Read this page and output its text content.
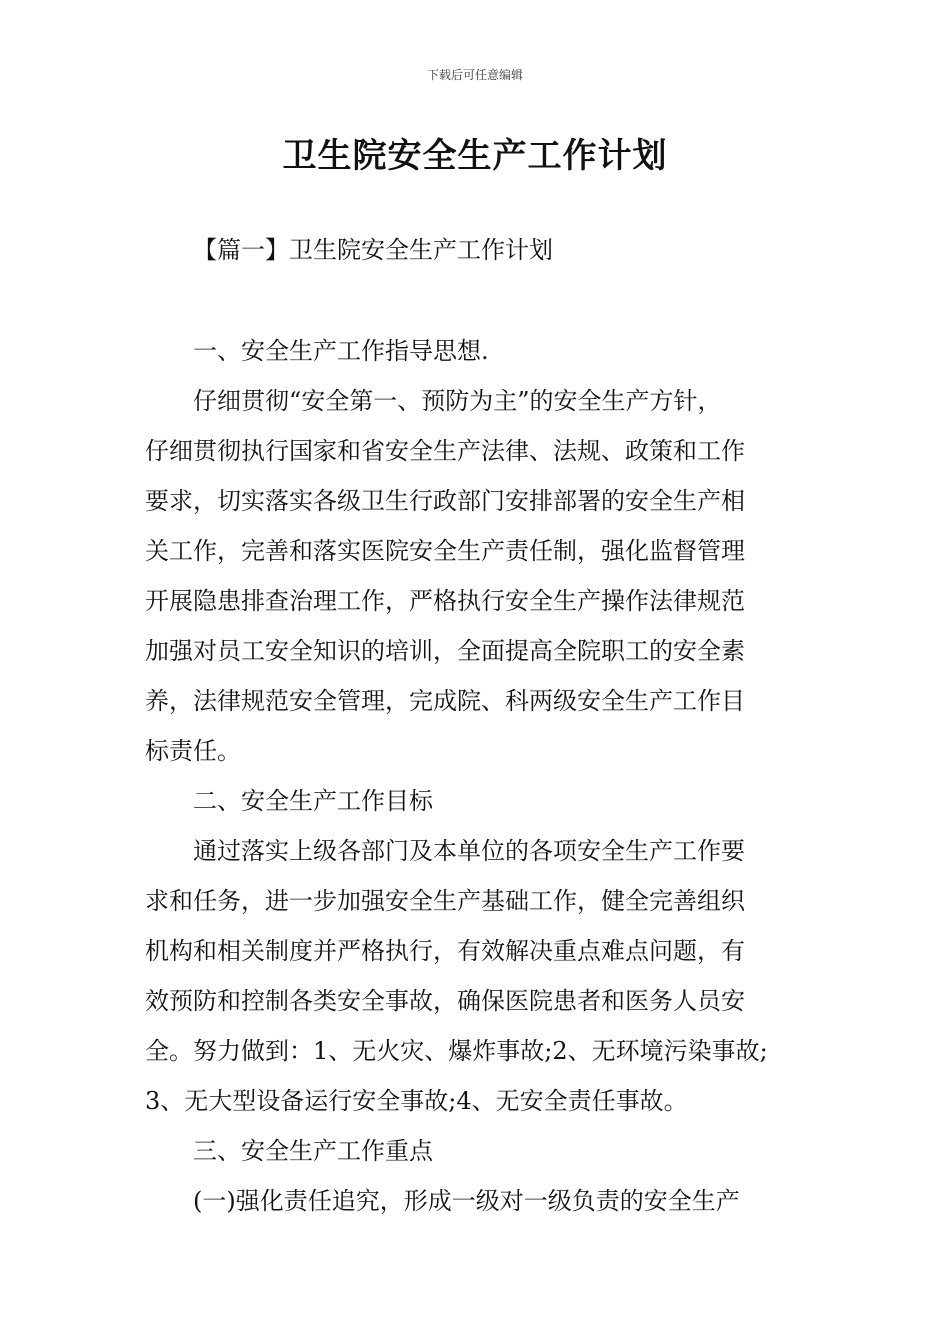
下载后可任意编辑
卫生院安全生产工作计划
【篇一】卫生院安全生产工作计划
一、安全生产工作指导思想.
仔细贯彻“安全第一、预防为主”的安全生产方针，
仔细贯彻执行国家和省安全生产法律、法规、政策和工作
要求，切实落实各级卫生行政部门安排部署的安全生产相
关工作，完善和落实医院安全生产责任制，强化监督管理
开展隐患排查治理工作，严格执行安全生产操作法律规范
加强对员工安全知识的培训，全面提高全院职工的安全素
养，法律规范安全管理，完成院、科两级安全生产工作目
标责任。
二、安全生产工作目标
通过落实上级各部门及本单位的各项安全生产工作要
求和任务，进一步加强安全生产基础工作，健全完善组织
机构和相关制度并严格执行，有效解决重点难点问题，有
效预防和控制各类安全事故，确保医院患者和医务人员安
全。努力做到：1、无火灾、爆炸事故;2、无环境污染事故;
3、无大型设备运行安全事故;4、无安全责任事故。
三、安全生产工作重点
(一)强化责任追究，形成一级对一级负责的安全生产
